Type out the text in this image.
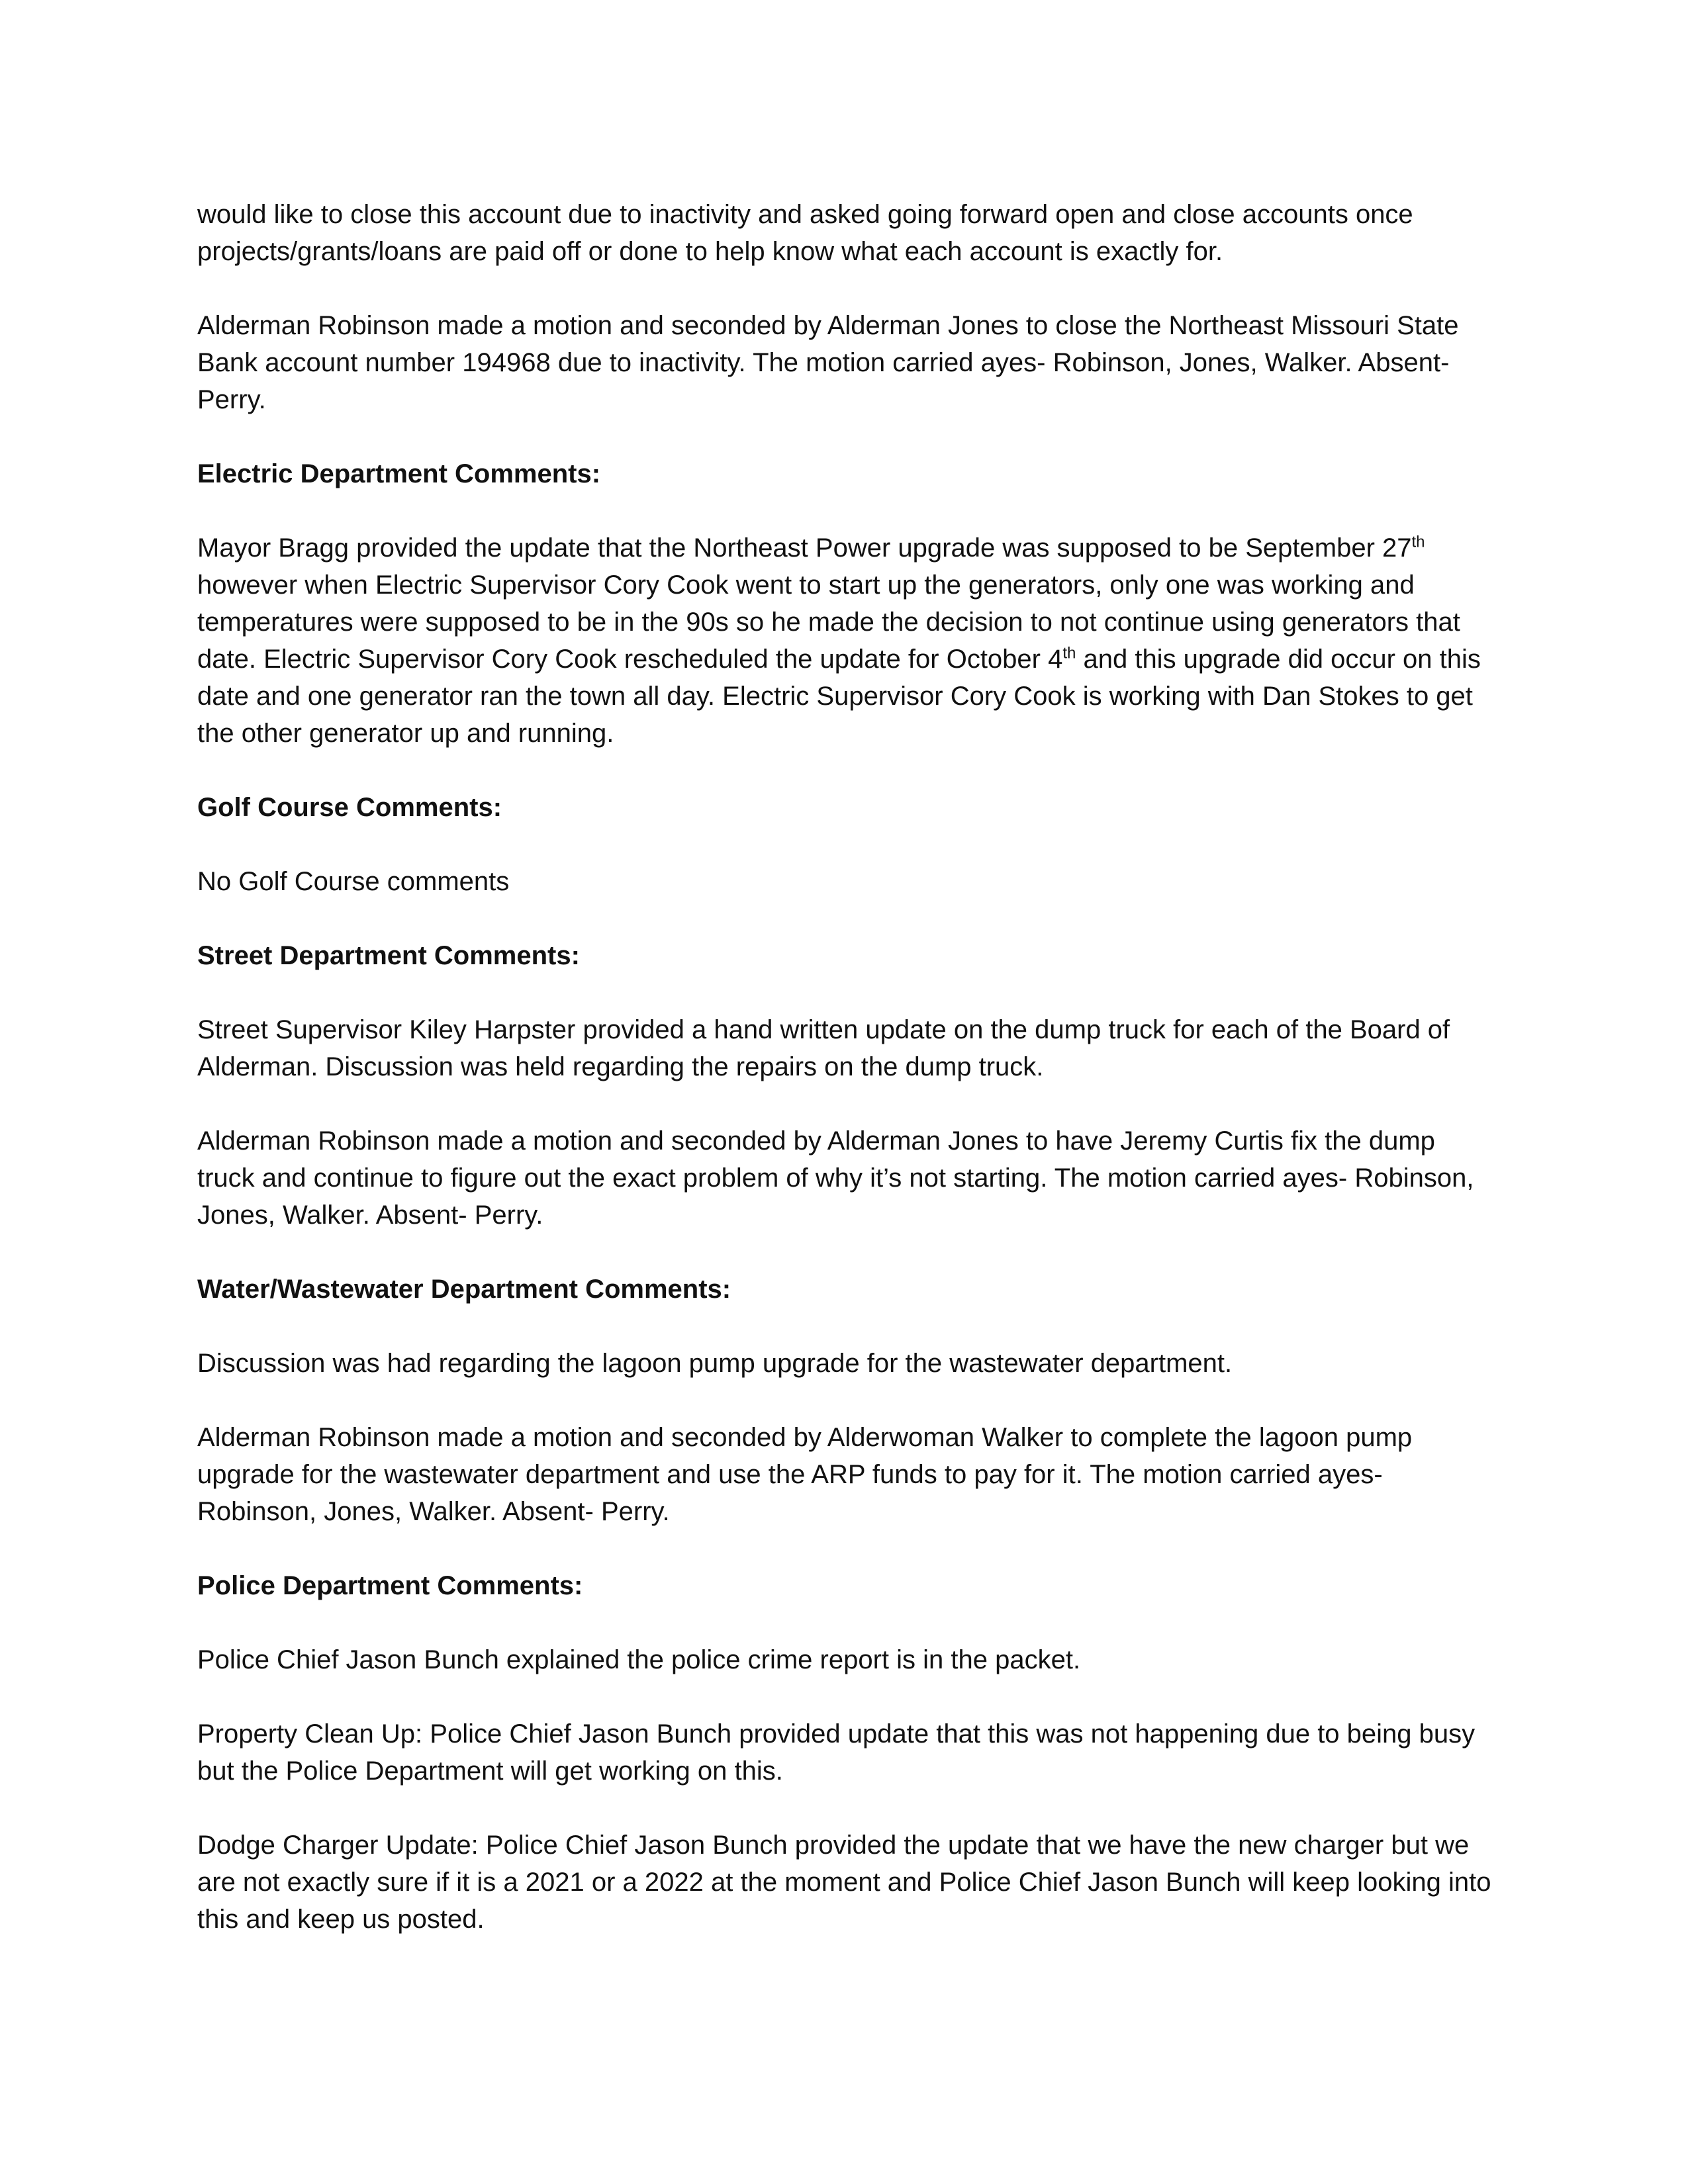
would like to close this account due to inactivity and asked going forward open and close accounts once projects/grants/loans are paid off or done to help know what each account is exactly for.

Alderman Robinson made a motion and seconded by Alderman Jones to close the Northeast Missouri State Bank account number 194968 due to inactivity. The motion carried ayes- Robinson, Jones, Walker. Absent- Perry.

Electric Department Comments:

Mayor Bragg provided the update that the Northeast Power upgrade was supposed to be September 27th however when Electric Supervisor Cory Cook went to start up the generators, only one was working and temperatures were supposed to be in the 90s so he made the decision to not continue using generators that date. Electric Supervisor Cory Cook rescheduled the update for October 4th and this upgrade did occur on this date and one generator ran the town all day. Electric Supervisor Cory Cook is working with Dan Stokes to get the other generator up and running.

Golf Course Comments:

No Golf Course comments

Street Department Comments:

Street Supervisor Kiley Harpster provided a hand written update on the dump truck for each of the Board of Alderman. Discussion was held regarding the repairs on the dump truck.

Alderman Robinson made a motion and seconded by Alderman Jones to have Jeremy Curtis fix the dump truck and continue to figure out the exact problem of why it’s not starting. The motion carried ayes- Robinson, Jones, Walker. Absent- Perry.

Water/Wastewater Department Comments:

Discussion was had regarding the lagoon pump upgrade for the wastewater department.

Alderman Robinson made a motion and seconded by Alderwoman Walker to complete the lagoon pump upgrade for the wastewater department and use the ARP funds to pay for it. The motion carried ayes- Robinson, Jones, Walker. Absent- Perry.

Police Department Comments:

Police Chief Jason Bunch explained the police crime report is in the packet.

Property Clean Up: Police Chief Jason Bunch provided update that this was not happening due to being busy but the Police Department will get working on this.

Dodge Charger Update: Police Chief Jason Bunch provided the update that we have the new charger but we are not exactly sure if it is a 2021 or a 2022 at the moment and Police Chief Jason Bunch will keep looking into this and keep us posted.
